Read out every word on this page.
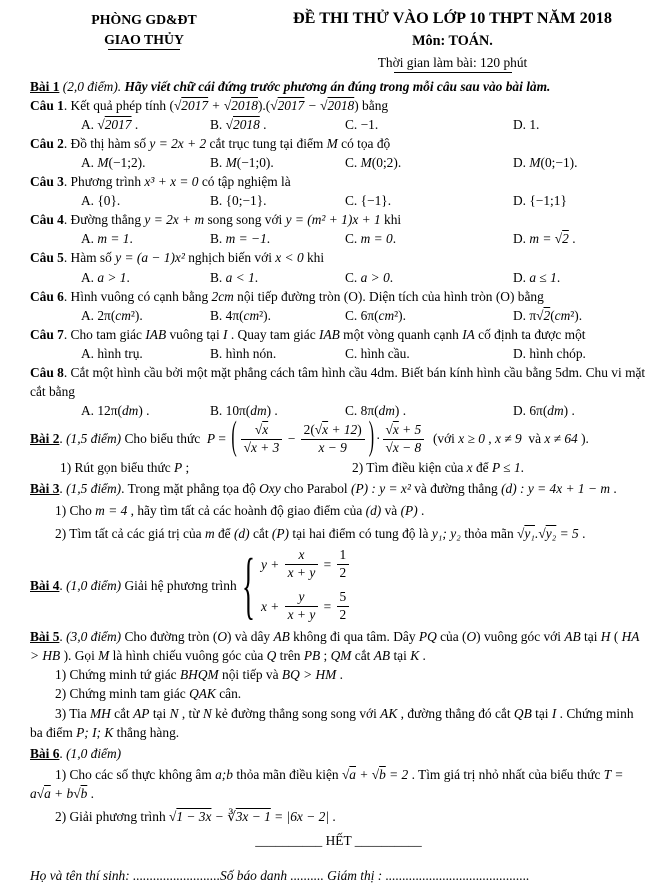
PHÒNG GD&ĐT
GIAO THỦY
ĐỀ THI THỬ VÀO LỚP 10 THPT NĂM 2018
Môn: TOÁN.
Thời gian làm bài: 120 phút

Bài 1 (2,0 điểm). Hãy viết chữ cái đứng trước phương án đúng trong mỗi câu sau vào bài làm.

Câu 1. Kết quả phép tính (√2017 + √2018).(√2017 − √2018) bằng

A. √2017 .	B. √2018 .	C. −1.	D. 1.

Câu 2. Đồ thị hàm số y = 2x + 2 cắt trục tung tại điểm M có tọa độ

A. M(−1;2).	B. M(−1;0).	C. M(0;2).	D. M(0;−1).

Câu 3. Phương trình x³ + x = 0 có tập nghiệm là

A. {0}.	B. {0;−1}.	C. {−1}.	D. {−1;1}

Câu 4. Đường thẳng y = 2x + m song song với y = (m² + 1)x + 1 khi

A. m = 1.	B. m = −1.	C. m = 0.	D. m = √2 .

Câu 5. Hàm số y = (a − 1)x² nghịch biến với x < 0 khi

A. a > 1.	B. a < 1.	C. a > 0.	D. a ≤ 1.

Câu 6. Hình vuông có cạnh bằng 2cm nội tiếp đường tròn (O). Diện tích của hình tròn (O) bằng

A. 2π(cm²).	B. 4π(cm²).	C. 6π(cm²).	D. π√2(cm²).

Câu 7. Cho tam giác IAB vuông tại I . Quay tam giác IAB một vòng quanh cạnh IA cố định ta được một

A. hình trụ.	B. hình nón.	C. hình cầu.	D. hình chóp.

Câu 8. Cắt một hình cầu bởi một mặt phẳng cách tâm hình cầu 4dm. Biết bán kính hình cầu bằng 5dm. Chu vi mặt cắt bằng

A. 12π(dm) .	B. 10π(dm) .	C. 8π(dm) .	D. 6π(dm) .
Bài 2 . (1,5 điểm) Cho biểu thức  P = ( $\frac{√x}{√x + 3} - \frac{2(√x + 12)}{x - 9}$ ) · $\frac{√x + 5}{√x - 8}$ (với x ≥ 0 , x ≠ 9  và x ≠ 64 ).
1) Rút gọn biểu thức P ;	2) Tìm điều kiện của x để P ≤ 1.

Bài 3. (1,5 điểm). Trong mặt phẳng tọa độ Oxy cho Parabol (P) : y = x² và đường thẳng (d) : y = 4x + 1 − m .

1) Cho m = 4 , hãy tìm tất cả các hoành độ giao điểm của (d) và (P) .

2) Tìm tất cả các giá trị của m để (d) cắt (P) tại hai điểm có tung độ là y₁; y₂ thỏa mãn √y₁.√y₂ = 5 .

Bài 4 . (1,0 điểm) Giải hệ phương trình { $y + \frac{x}{x + y} = \frac{1}{2}$
$x + \frac{y}{x + y} = \frac{5}{2}$

Bài 5. (3,0 điểm) Cho đường tròn (O) và dây AB không đi qua tâm. Dây PQ của (O) vuông góc với AB tại H ( HA > HB ). Gọi M là hình chiếu vuông góc của Q trên PB ; QM cắt AB tại K .

1) Chứng minh tứ giác BHQM nội tiếp và BQ > HM .

2) Chứng minh tam giác QAK cân.

3) Tia MH cắt AP tại N , từ N kẻ đường thẳng song song với AK , đường thẳng đó cắt QB tại I . Chứng minh ba điểm P; I; K thẳng hàng.

Bài 6. (1,0 điểm)

1) Cho các số thực không âm a;b thỏa mãn điều kiện √a + √b = 2 . Tìm giá trị nhỏ nhất của biểu thức T = a√a + b√b .

2) Giải phương trình √1 − 3x − ∛3x − 1 = |6x − 2| .

__________ HẾT __________

Họ và tên thí sinh: ..........................Số báo danh .......... Giám thị : ...........................................
